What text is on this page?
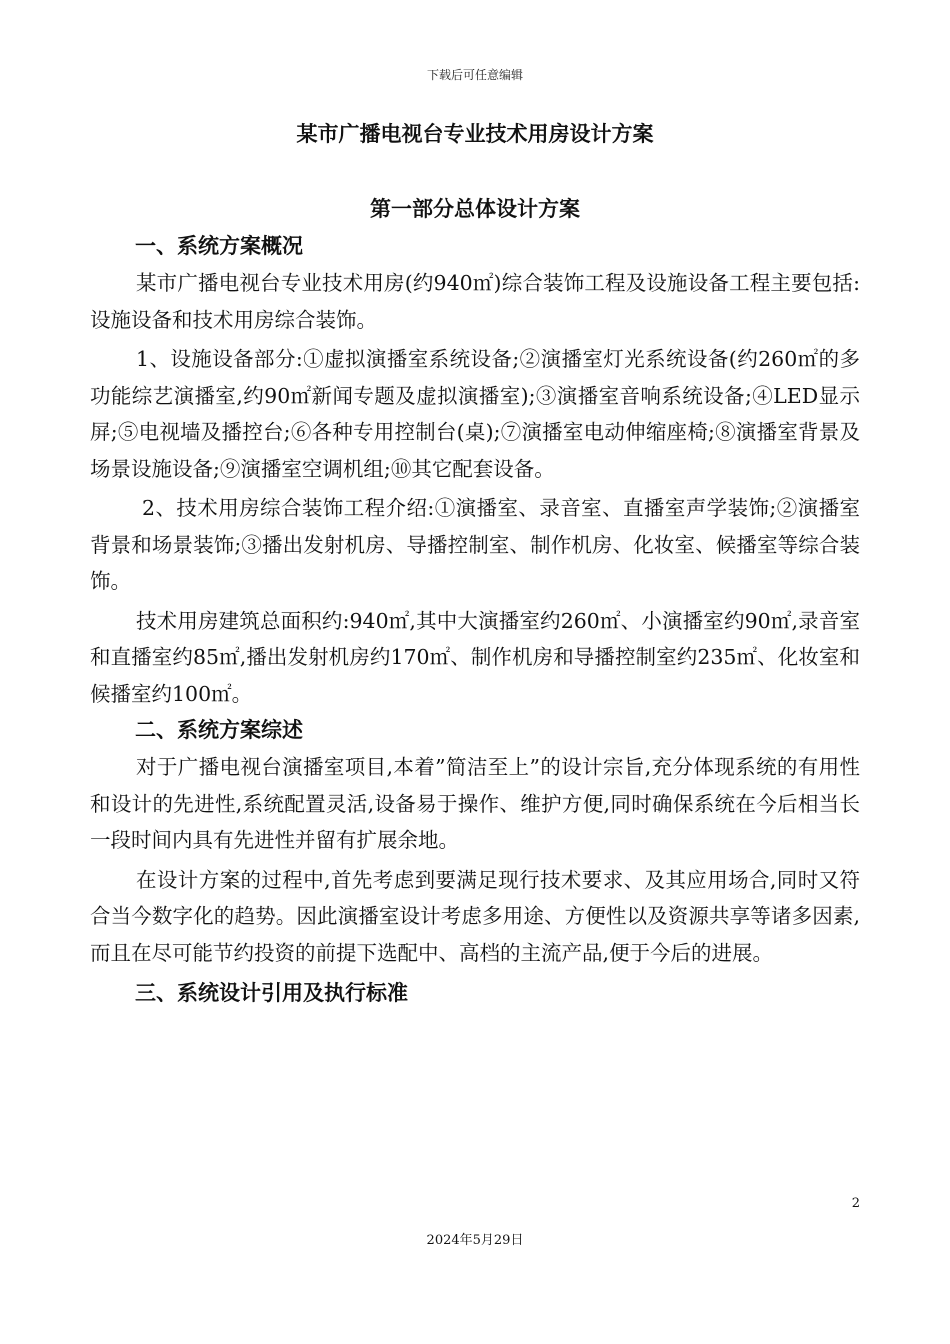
下载后可任意编辑
某市广播电视台专业技术用房设计方案
第一部分总体设计方案
一、系统方案概况

某市广播电视台专业技术用房(约940㎡)综合装饰工程及设施设备工程主要包括:设施设备和技术用房综合装饰。

1、设施设备部分:①虚拟演播室系统设备;②演播室灯光系统设备(约260㎡的多功能综艺演播室,约90㎡新闻专题及虚拟演播室);③演播室音响系统设备;④LED显示屏;⑤电视墙及播控台;⑥各种专用控制台(桌);⑦演播室电动伸缩座椅;⑧演播室背景及场景设施设备;⑨演播室空调机组;⑩其它配套设备。

2、技术用房综合装饰工程介绍:①演播室、录音室、直播室声学装饰;②演播室背景和场景装饰;③播出发射机房、导播控制室、制作机房、化妆室、候播室等综合装饰。

技术用房建筑总面积约:940㎡,其中大演播室约260㎡、小演播室约90㎡,录音室和直播室约85㎡,播出发射机房约170㎡、制作机房和导播控制室约235㎡、化妆室和候播室约100㎡。

二、系统方案综述

对于广播电视台演播室项目,本着”简洁至上”的设计宗旨,充分体现系统的有用性和设计的先进性,系统配置灵活,设备易于操作、维护方便,同时确保系统在今后相当长一段时间内具有先进性并留有扩展余地。

在设计方案的过程中,首先考虑到要满足现行技术要求、及其应用场合,同时又符合当今数字化的趋势。因此演播室设计考虑多用途、方便性以及资源共享等诸多因素,而且在尽可能节约投资的前提下选配中、高档的主流产品,便于今后的进展。

三、系统设计引用及执行标准
2
2024年5月29日
